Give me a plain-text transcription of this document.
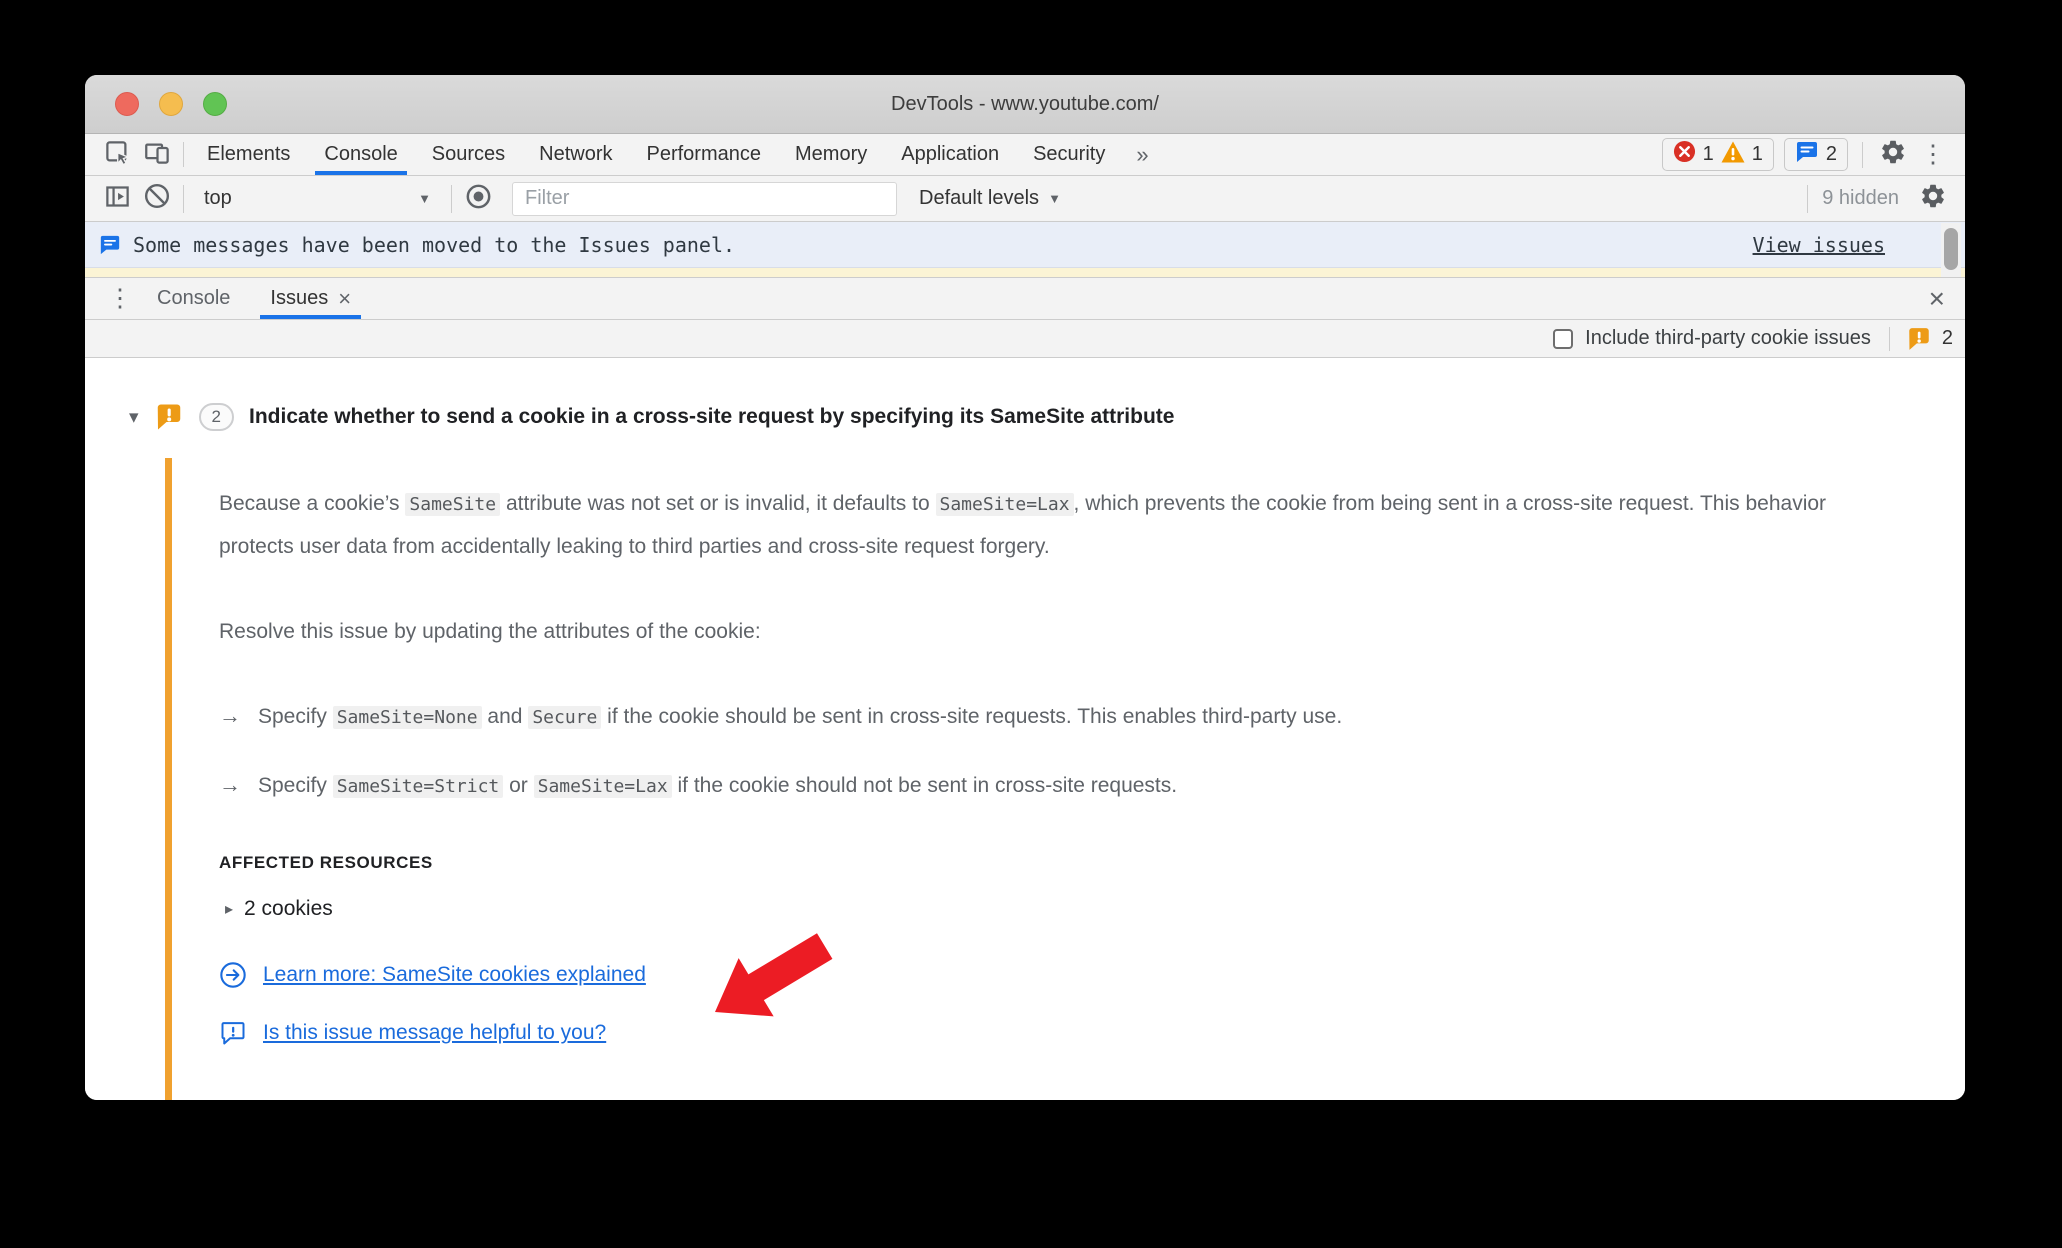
DevTools - www.youtube.com/
Elements	Console	Sources	Network	Performance	Memory	Application	Security	»	1 1	2	⋮
top	▼
Filter	Default levels ▼	9 hidden
Some messages have been moved to the Issues panel.	View issues
⋮	Console	Issues ×	×
Include third-party cookie issues	2
▾	2	Indicate whether to send a cookie in a cross-site request by specifying its SameSite attribute

Because a cookie’s SameSite attribute was not set or is invalid, it defaults to SameSite=Lax , which prevents the cookie from being sent in a cross-site request. This behavior protects user data from accidentally leaking to third parties and cross-site request forgery.

Resolve this issue by updating the attributes of the cookie:

→ Specify SameSite=None and Secure if the cookie should be sent in cross-site requests. This enables third-party use.
→ Specify SameSite=Strict or SameSite=Lax if the cookie should not be sent in cross-site requests.
AFFECTED RESOURCES
▸ 2 cookies
Learn more: SameSite cookies explained
Is this issue message helpful to you?
